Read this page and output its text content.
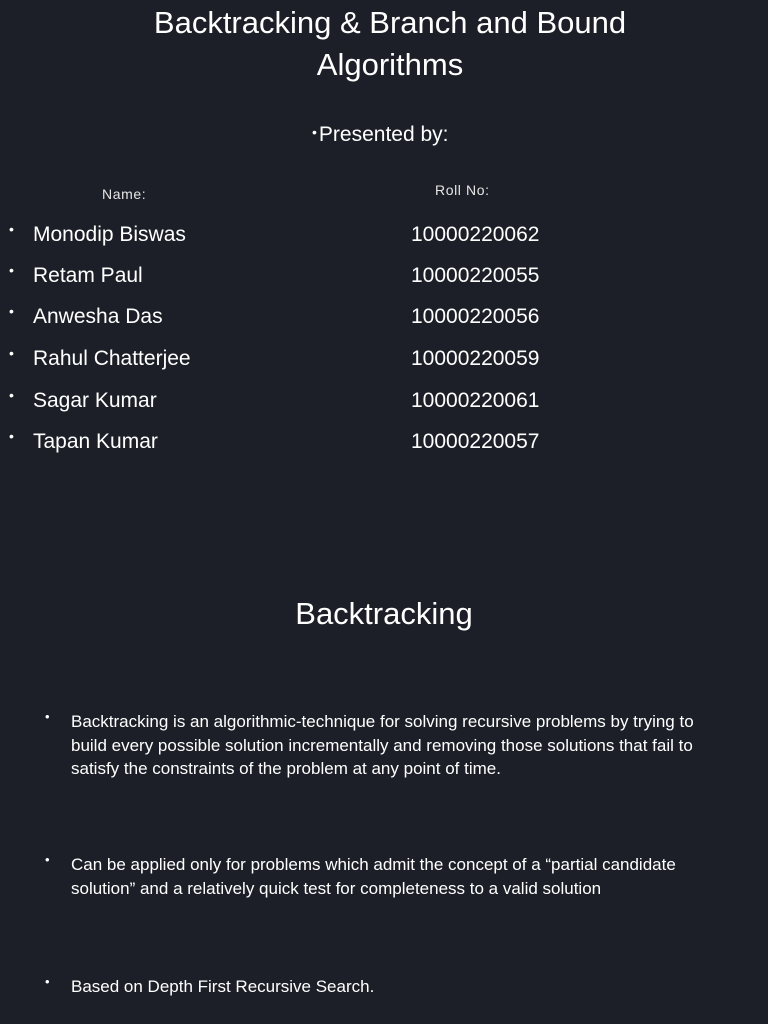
Backtracking & Branch and Bound Algorithms
•Presented by:
Name:	Roll No:
• Monodip Biswas	10000220062
• Retam Paul	10000220055
• Anwesha Das	10000220056
• Rahul Chatterjee	10000220059
• Sagar Kumar	10000220061
• Tapan Kumar	10000220057
Backtracking
• Backtracking is an algorithmic-technique for solving recursive problems by trying to build every possible solution incrementally and removing those solutions that fail to satisfy the constraints of the problem at any point of time.
• Can be applied only for problems which admit the concept of a “partial candidate solution” and a relatively quick test for completeness to a valid solution
• Based on Depth First Recursive Search.
